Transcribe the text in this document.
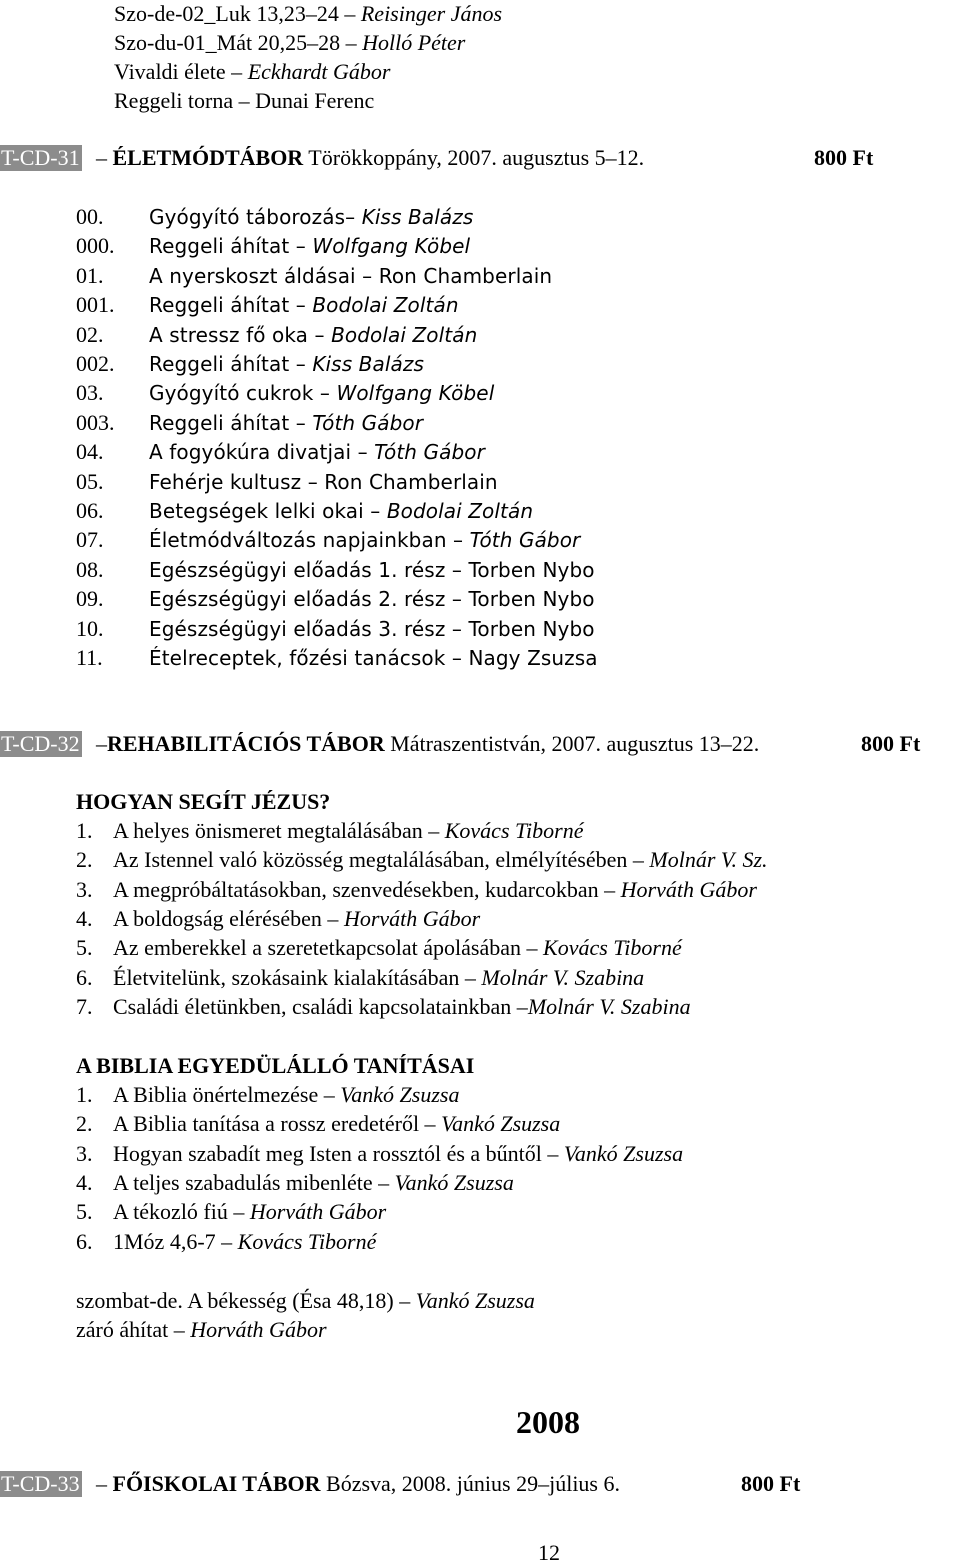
Szo-de-02_Luk 13,23–24 – Reisinger János
Szo-du-01_Mát 20,25–28 – Holló Péter
Vivaldi élete – Eckhardt Gábor
Reggeli torna – Dunai Ferenc
T-CD-31 – ÉLETMÓDTÁBOR Törökkoppány, 2007. augusztus 5–12.	800 Ft
00. Gyógyító táborozás– Kiss Balázs
000. Reggeli áhítat – Wolfgang Köbel
01. A nyerskoszt áldásai – Ron Chamberlain
001. Reggeli áhítat – Bodolai Zoltán
02. A stressz fő oka – Bodolai Zoltán
002. Reggeli áhítat – Kiss Balázs
03. Gyógyító cukrok – Wolfgang Köbel
003. Reggeli áhítat – Tóth Gábor
04. A fogyókúra divatjai – Tóth Gábor
05. Fehérje kultusz – Ron Chamberlain
06. Betegségek lelki okai – Bodolai Zoltán
07. Életmódváltozás napjainkban – Tóth Gábor
08. Egészségügyi előadás 1. rész – Torben Nybo
09. Egészségügyi előadás 2. rész – Torben Nybo
10. Egészségügyi előadás 3. rész – Torben Nybo
11. Ételreceptek, főzési tanácsok – Nagy Zsuzsa
T-CD-32 –REHABILITÁCIÓS TÁBOR Mátraszentistván, 2007. augusztus 13–22.	800 Ft
HOGYAN SEGÍT JÉZUS?
1. A helyes önismeret megtalálásában – Kovács Tiborné
2. Az Istennel való közösség megtalálásában, elmélyítésében – Molnár V. Sz.
3. A megpróbáltatásokban, szenvedésekben, kudarcokban – Horváth Gábor
4. A boldogság elérésében – Horváth Gábor
5. Az emberekkel a szeretetkapcsolat ápolásában – Kovács Tiborné
6. Életvitelünk, szokásaink kialakításában – Molnár V. Szabina
7. Családi életünkben, családi kapcsolatainkban –Molnár V. Szabina
A BIBLIA EGYEDÜLÁLLÓ TANÍTÁSAI
1. A Biblia önértelmezése – Vankó Zsuzsa
2. A Biblia tanítása a rossz eredetéről – Vankó Zsuzsa
3. Hogyan szabadít meg Isten a rossztól és a bűntől – Vankó Zsuzsa
4. A teljes szabadulás mibenléte – Vankó Zsuzsa
5. A tékozló fiú – Horváth Gábor
6. 1Móz 4,6-7 – Kovács Tiborné
szombat-de. A békesség (Ésa 48,18) – Vankó Zsuzsa
záró áhítat – Horváth Gábor
2008
T-CD-33 – FŐISKOLAI TÁBOR Bózsva, 2008. június 29–július 6.	800 Ft
12
